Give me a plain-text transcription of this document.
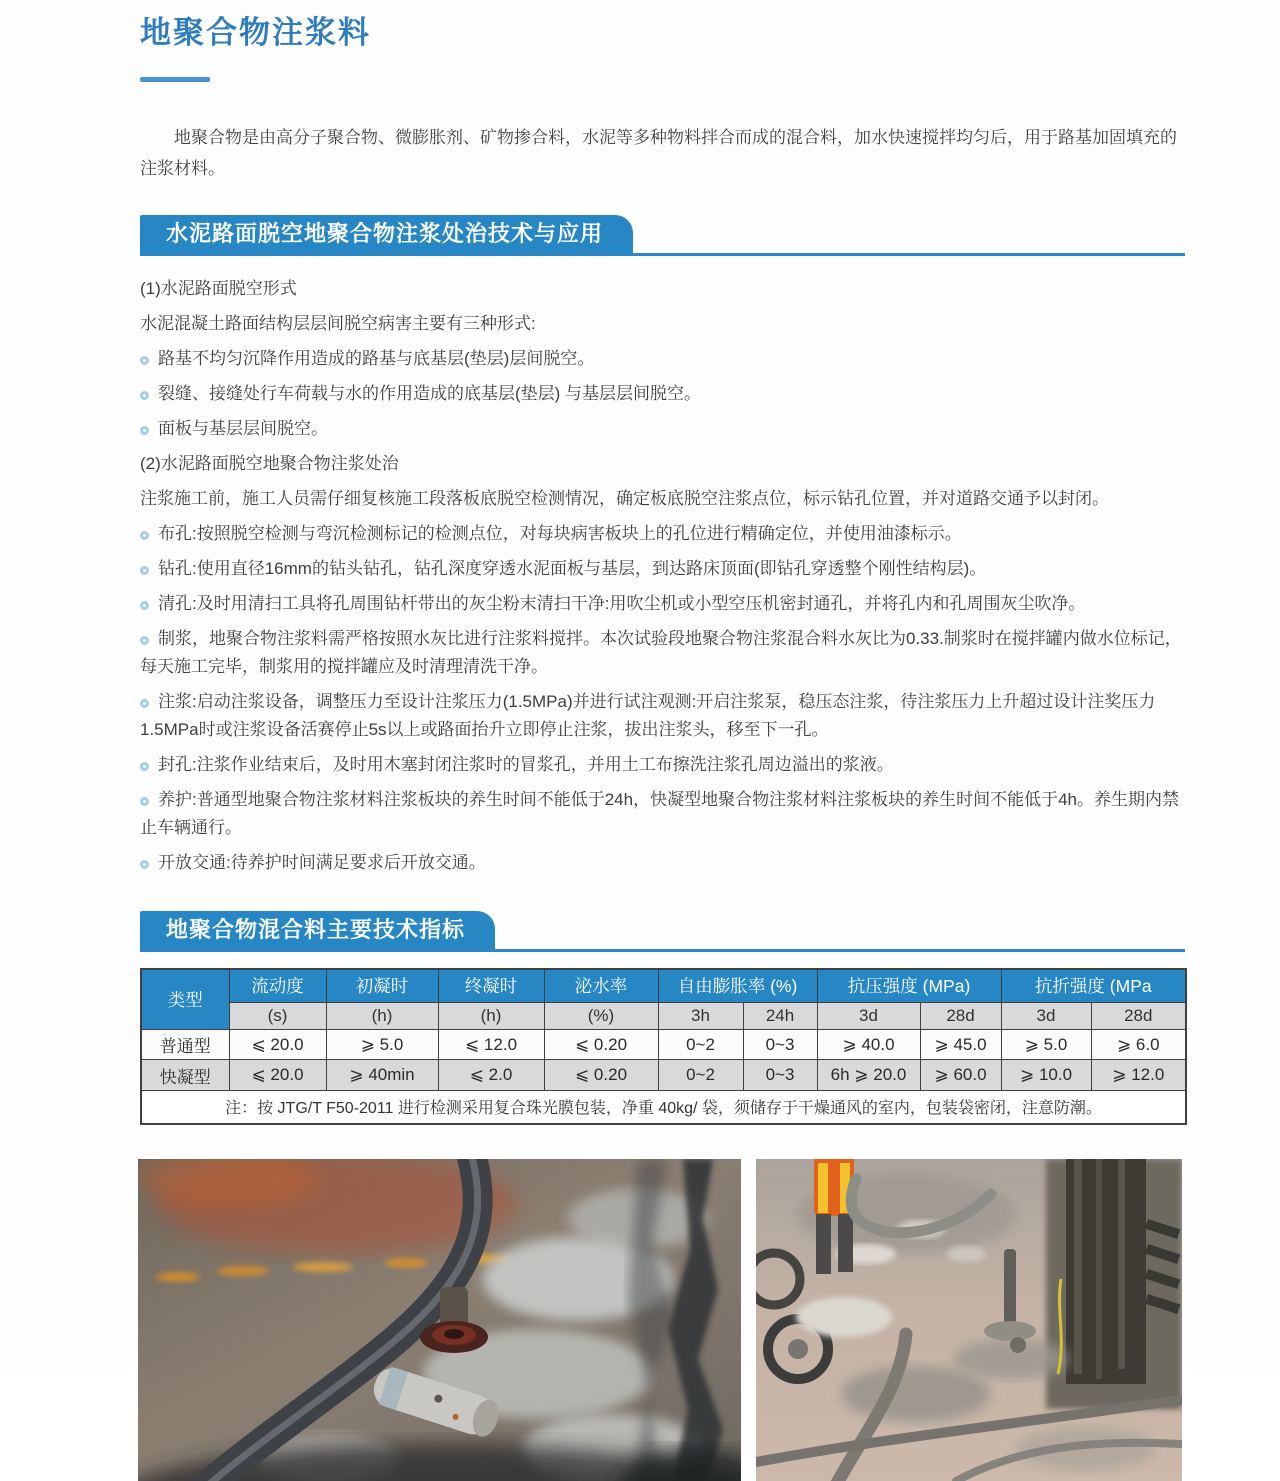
地聚合物注浆料

地聚合物是由高分子聚合物、微膨胀剂、矿物掺合料，水泥等多种物料拌合而成的混合料，加水快速搅拌均匀后，用于路基加固填充的注浆材料。

水泥路面脱空地聚合物注浆处治技术与应用

(1)水泥路面脱空形式

水泥混凝土路面结构层层间脱空病害主要有三种形式:

路基不均匀沉降作用造成的路基与底基层(垫层)层间脱空。

裂缝、接缝处行车荷载与水的作用造成的底基层(垫层) 与基层层间脱空。

面板与基层层间脱空。

(2)水泥路面脱空地聚合物注浆处治

注浆施工前，施工人员需仔细复核施工段落板底脱空检测情况，确定板底脱空注浆点位，标示钻孔位置，并对道路交通予以封闭。

布孔:按照脱空检测与弯沉检测标记的检测点位，对每块病害板块上的孔位进行精确定位，并使用油漆标示。

钻孔:使用直径16mm的钻头钻孔，钻孔深度穿透水泥面板与基层，到达路床顶面(即钻孔穿透整个刚性结构层)。

清孔:及时用清扫工具将孔周围钻杆带出的灰尘粉末清扫干净:用吹尘机或小型空压机密封通孔，并将孔内和孔周围灰尘吹净。

制浆，地聚合物注浆料需严格按照水灰比进行注浆料搅拌。本次试验段地聚合物注浆混合料水灰比为0.33.制浆时在搅拌罐内做水位标记，每天施工完毕，制浆用的搅拌罐应及时清理清洗干净。

注浆:启动注浆设备，调整压力至设计注浆压力(1.5MPa)并进行试注观测:开启注浆泵，稳压态注浆，待注浆压力上升超过设计注奖压力1.5MPa时或注浆设备活赛停止5s以上或路面抬升立即停止注浆，拔出注浆头，移至下一孔。

封孔:注浆作业结束后，及时用木塞封闭注浆时的冒浆孔，并用土工布擦洗注浆孔周边溢出的浆液。

养护:普通型地聚合物注浆材料注浆板块的养生时间不能低于24h，快凝型地聚合物注浆材料注浆板块的养生时间不能低于4h。养生期内禁止车辆通行。

开放交通:待养护时间满足要求后开放交通。

地聚合物混合料主要技术指标
类型	流动度	初凝时	终凝时	泌水率	自由膨胀率 (%)		抗压强度 (MPa)		抗折强度 (MPa	
	(s)	(h)	(h)	(%)	3h	24h	3d	28d	3d	28d
普通型	⩽ 20.0	⩾ 5.0	⩽ 12.0	⩽ 0.20	0~2	0~3	⩾ 40.0	⩾ 45.0	⩾ 5.0	⩾ 6.0
快凝型	⩽ 20.0	⩾ 40min	⩽ 2.0	⩽ 0.20	0~2	0~3	6h ⩾ 20.0	⩾ 60.0	⩾ 10.0	⩾ 12.0
注：按 JTG/T F50-2011 进行检测采用复合珠光膜包装，净重 40kg/ 袋，须储存于干燥通风的室内，包装袋密闭，注意防潮。										
